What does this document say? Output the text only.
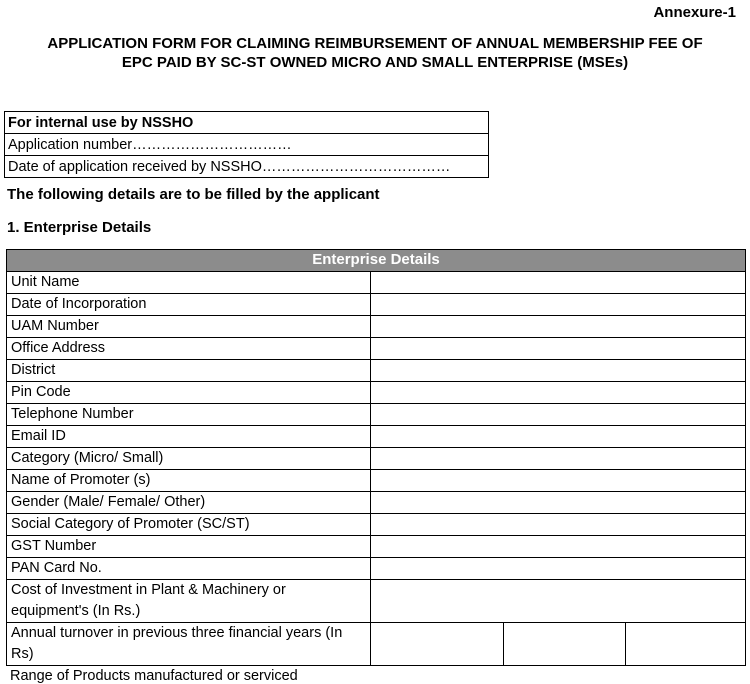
Annexure-1
APPLICATION FORM FOR CLAIMING REIMBURSEMENT OF ANNUAL MEMBERSHIP FEE OF
EPC PAID BY SC-ST OWNED MICRO AND SMALL ENTERPRISE (MSEs)
For internal use by NSSHO
Application number……………………………
Date of application received by NSSHO…………………………………
The following details are to be filled by the applicant
1. Enterprise Details
Enterprise Details			
Unit Name			
Date of Incorporation			
UAM Number			
Office Address			
District			
Pin Code			
Telephone Number			
Email ID			
Category (Micro/ Small)			
Name of Promoter (s)			
Gender (Male/ Female/ Other)			
Social Category of Promoter (SC/ST)			
GST Number			
PAN Card No.			
Cost of Investment in Plant & Machinery or equipment's (In Rs.)			
Annual turnover in previous three financial years (In Rs)			
Range of Products manufactured or serviced
